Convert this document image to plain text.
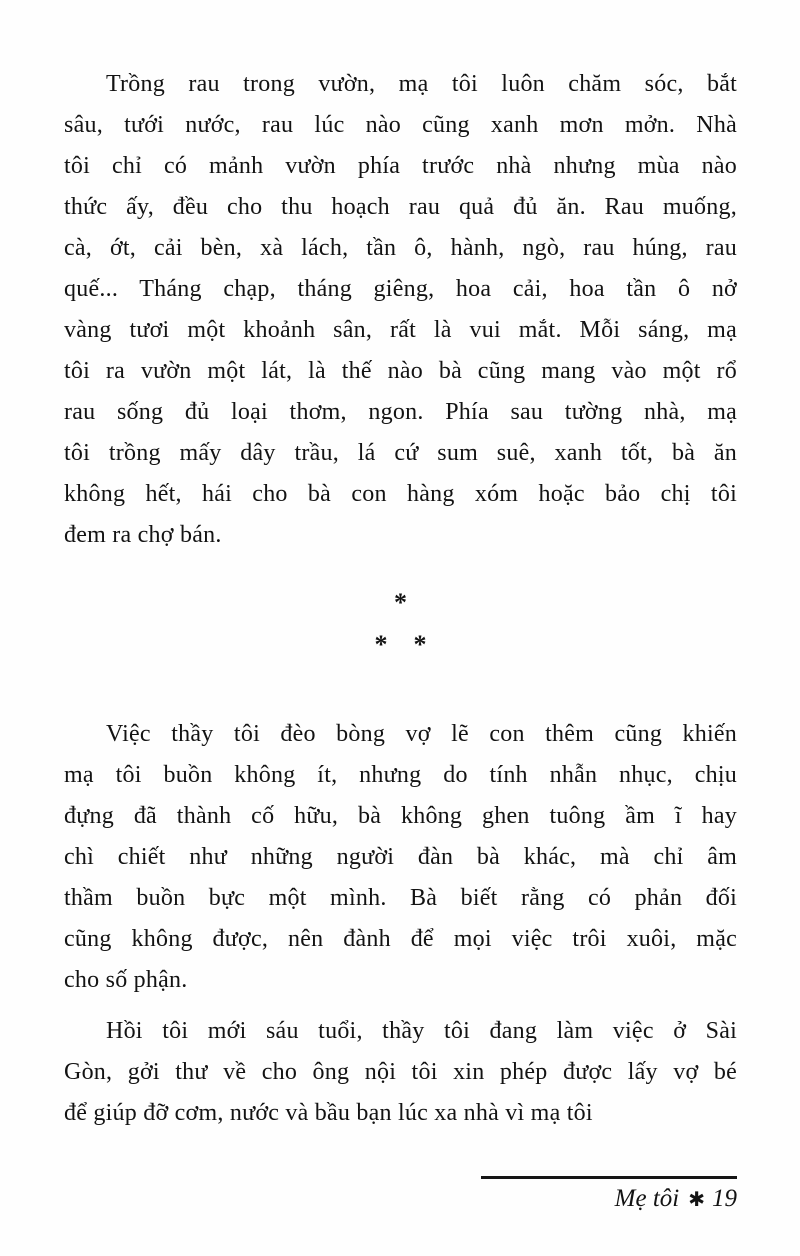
Trồng rau trong vườn, mạ tôi luôn chăm sóc, bắt
sâu, tưới nước, rau lúc nào cũng xanh mơn mởn. Nhà
tôi chỉ có mảnh vườn phía trước nhà nhưng mùa nào
thức ấy, đều cho thu hoạch rau quả đủ ăn. Rau muống,
cà, ớt, cải bèn, xà lách, tần ô, hành, ngò, rau húng, rau
quế... Tháng chạp, tháng giêng, hoa cải, hoa tần ô nở
vàng tươi một khoảnh sân, rất là vui mắt. Mỗi sáng, mạ
tôi ra vườn một lát, là thế nào bà cũng mang vào một rổ
rau sống đủ loại thơm, ngon. Phía sau tường nhà, mạ
tôi trồng mấy dây trầu, lá cứ sum suê, xanh tốt, bà ăn
không hết, hái cho bà con hàng xóm hoặc bảo chị tôi
đem ra chợ bán.
*
* *
Việc thầy tôi đèo bòng vợ lẽ con thêm cũng khiến
mạ tôi buồn không ít, nhưng do tính nhẫn nhục, chịu
đựng đã thành cố hữu, bà không ghen tuông ầm ĩ hay
chì chiết như những người đàn bà khác, mà chỉ âm
thầm buồn bực một mình. Bà biết rằng có phản đối
cũng không được, nên đành để mọi việc trôi xuôi, mặc
cho số phận.
Hồi tôi mới sáu tuổi, thầy tôi đang làm việc ở Sài
Gòn, gởi thư về cho ông nội tôi xin phép được lấy vợ bé
để giúp đỡ cơm, nước và bầu bạn lúc xa nhà vì mạ tôi
Mẹ tôi ✱ 19
